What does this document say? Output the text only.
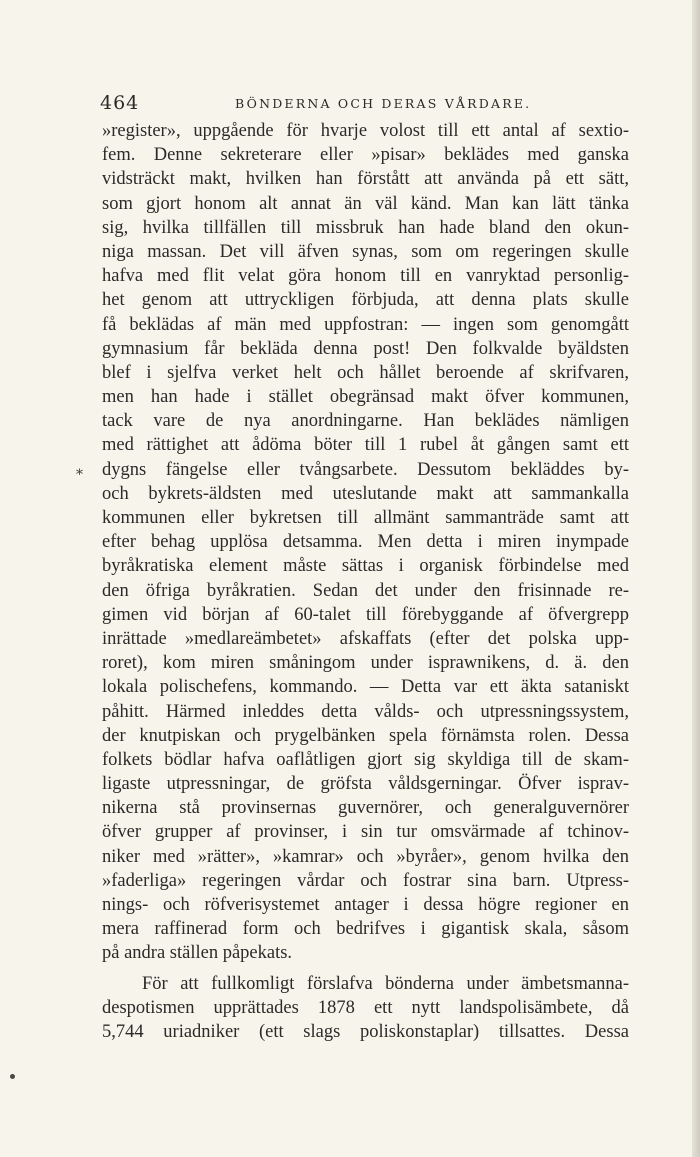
464	BÖNDERNA OCH DERAS VÅRDARE.
*
»register», uppgående för hvarje volost till ett antal af sextio-
fem. Denne sekreterare eller »pisar» beklädes med ganska
vidsträckt makt, hvilken han förstått att använda på ett sätt,
som gjort honom alt annat än väl känd. Man kan lätt tänka
sig, hvilka tillfällen till missbruk han hade bland den okun-
niga massan. Det vill äfven synas, som om regeringen skulle
hafva med flit velat göra honom till en vanryktad personlig-
het genom att uttryckligen förbjuda, att denna plats skulle
få beklädas af män med uppfostran: — ingen som genomgått
gymnasium får bekläda denna post! Den folkvalde byäldsten
blef i sjelfva verket helt och hållet beroende af skrifvaren,
men han hade i stället obegränsad makt öfver kommunen,
tack vare de nya anordningarne. Han beklädes nämligen
med rättighet att ådöma böter till 1 rubel åt gången samt ett
dygns fängelse eller tvångsarbete. Dessutom bekläddes by-
och bykrets-äldsten med uteslutande makt att sammankalla
kommunen eller bykretsen till allmänt sammanträde samt att
efter behag upplösa detsamma. Men detta i miren inympade
byråkratiska element måste sättas i organisk förbindelse med
den öfriga byråkratien. Sedan det under den frisinnade re-
gimen vid början af 60-talet till förebyggande af öfvergrepp
inrättade »medlareämbetet» afskaffats (efter det polska upp-
roret), kom miren småningom under isprawnikens, d. ä. den
lokala polischefens, kommando. — Detta var ett äkta sataniskt
påhitt. Härmed inleddes detta vålds- och utpressningssystem,
der knutpiskan och prygelbänken spela förnämsta rolen. Dessa
folkets bödlar hafva oaflåtligen gjort sig skyldiga till de skam-
ligaste utpressningar, de gröfsta våldsgerningar. Öfver isprav-
nikerna stå provinsernas guvernörer, och generalguvernörer
öfver grupper af provinser, i sin tur omsvärmade af tchinov-
niker med »rätter», »kamrar» och »byråer», genom hvilka den
»faderliga» regeringen vårdar och fostrar sina barn. Utpress-
nings- och röfverisystemet antager i dessa högre regioner en
mera raffinerad form och bedrifves i gigantisk skala, såsom
på andra ställen påpekats.
För att fullkomligt förslafva bönderna under ämbetsmanna-
despotismen upprättades 1878 ett nytt landspolisämbete, då
5,744 uriadniker (ett slags poliskonstaplar) tillsattes. Dessa
